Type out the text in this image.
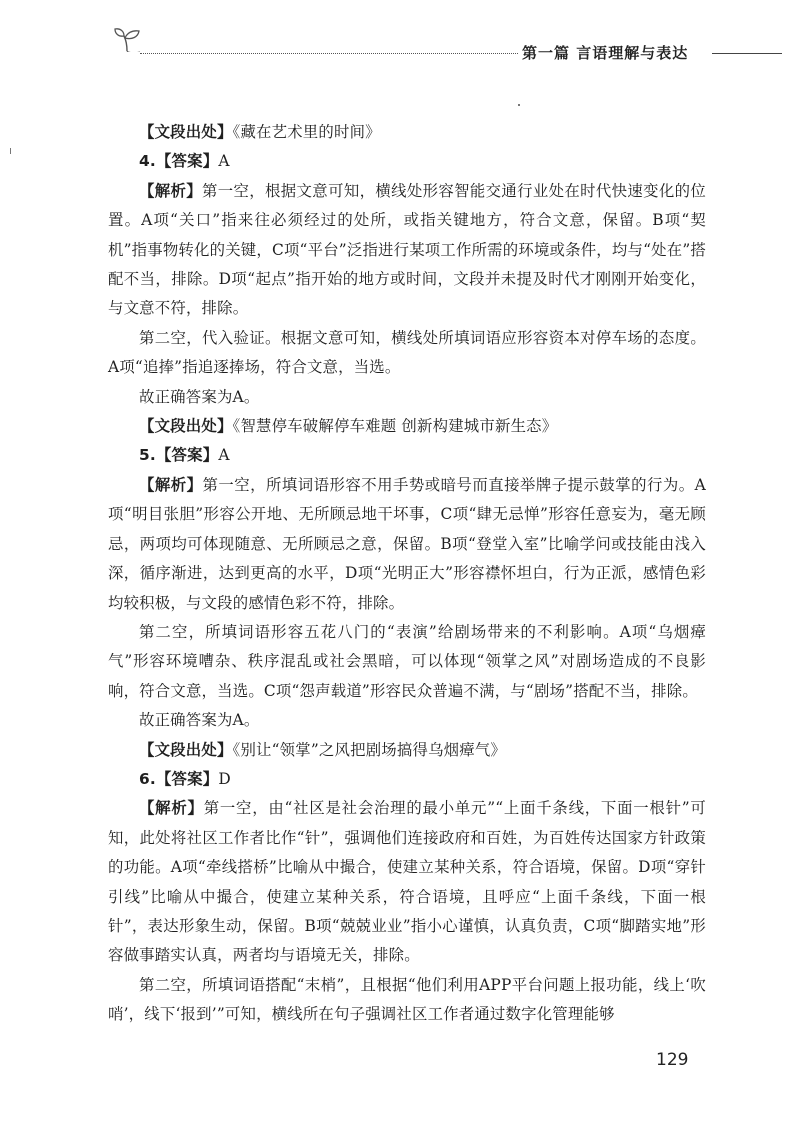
第一篇 言语理解与表达

【文段出处】《藏在艺术里的时间》

4.【答案】A

【解析】第一空，根据文意可知，横线处形容智能交通行业处在时代快速变化的位置。A项“关口”指来往必须经过的处所，或指关键地方，符合文意，保留。B项“契机”指事物转化的关键，C项“平台”泛指进行某项工作所需的环境或条件，均与“处在”搭配不当，排除。D项“起点”指开始的地方或时间，文段并未提及时代才刚刚开始变化，与文意不符，排除。

第二空，代入验证。根据文意可知，横线处所填词语应形容资本对停车场的态度。A项“追捧”指追逐捧场，符合文意，当选。

故正确答案为A。

【文段出处】《智慧停车破解停车难题 创新构建城市新生态》

5.【答案】A

【解析】第一空，所填词语形容不用手势或暗号而直接举牌子提示鼓掌的行为。A项“明目张胆”形容公开地、无所顾忌地干坏事，C项“肆无忌惮”形容任意妄为，毫无顾忌，两项均可体现随意、无所顾忌之意，保留。B项“登堂入室”比喻学问或技能由浅入深，循序渐进，达到更高的水平，D项“光明正大”形容襟怀坦白，行为正派，感情色彩均较积极，与文段的感情色彩不符，排除。

第二空，所填词语形容五花八门的“表演”给剧场带来的不利影响。A项“乌烟瘴气”形容环境嘈杂、秩序混乱或社会黑暗，可以体现“领掌之风”对剧场造成的不良影响，符合文意，当选。C项“怨声载道”形容民众普遍不满，与“剧场”搭配不当，排除。

故正确答案为A。

【文段出处】《别让“领掌”之风把剧场搞得乌烟瘴气》

6.【答案】D

【解析】第一空，由“社区是社会治理的最小单元”“上面千条线，下面一根针”可知，此处将社区工作者比作“针”，强调他们连接政府和百姓，为百姓传达国家方针政策的功能。A项“牵线搭桥”比喻从中撮合，使建立某种关系，符合语境，保留。D项“穿针引线”比喻从中撮合，使建立某种关系，符合语境，且呼应“上面千条线，下面一根针”，表达形象生动，保留。B项“兢兢业业”指小心谨慎，认真负责，C项“脚踏实地”形容做事踏实认真，两者均与语境无关，排除。

第二空，所填词语搭配“末梢”，且根据“他们利用APP平台问题上报功能，线上‘吹哨’，线下‘报到’”可知，横线所在句子强调社区工作者通过数字化管理能够

129
